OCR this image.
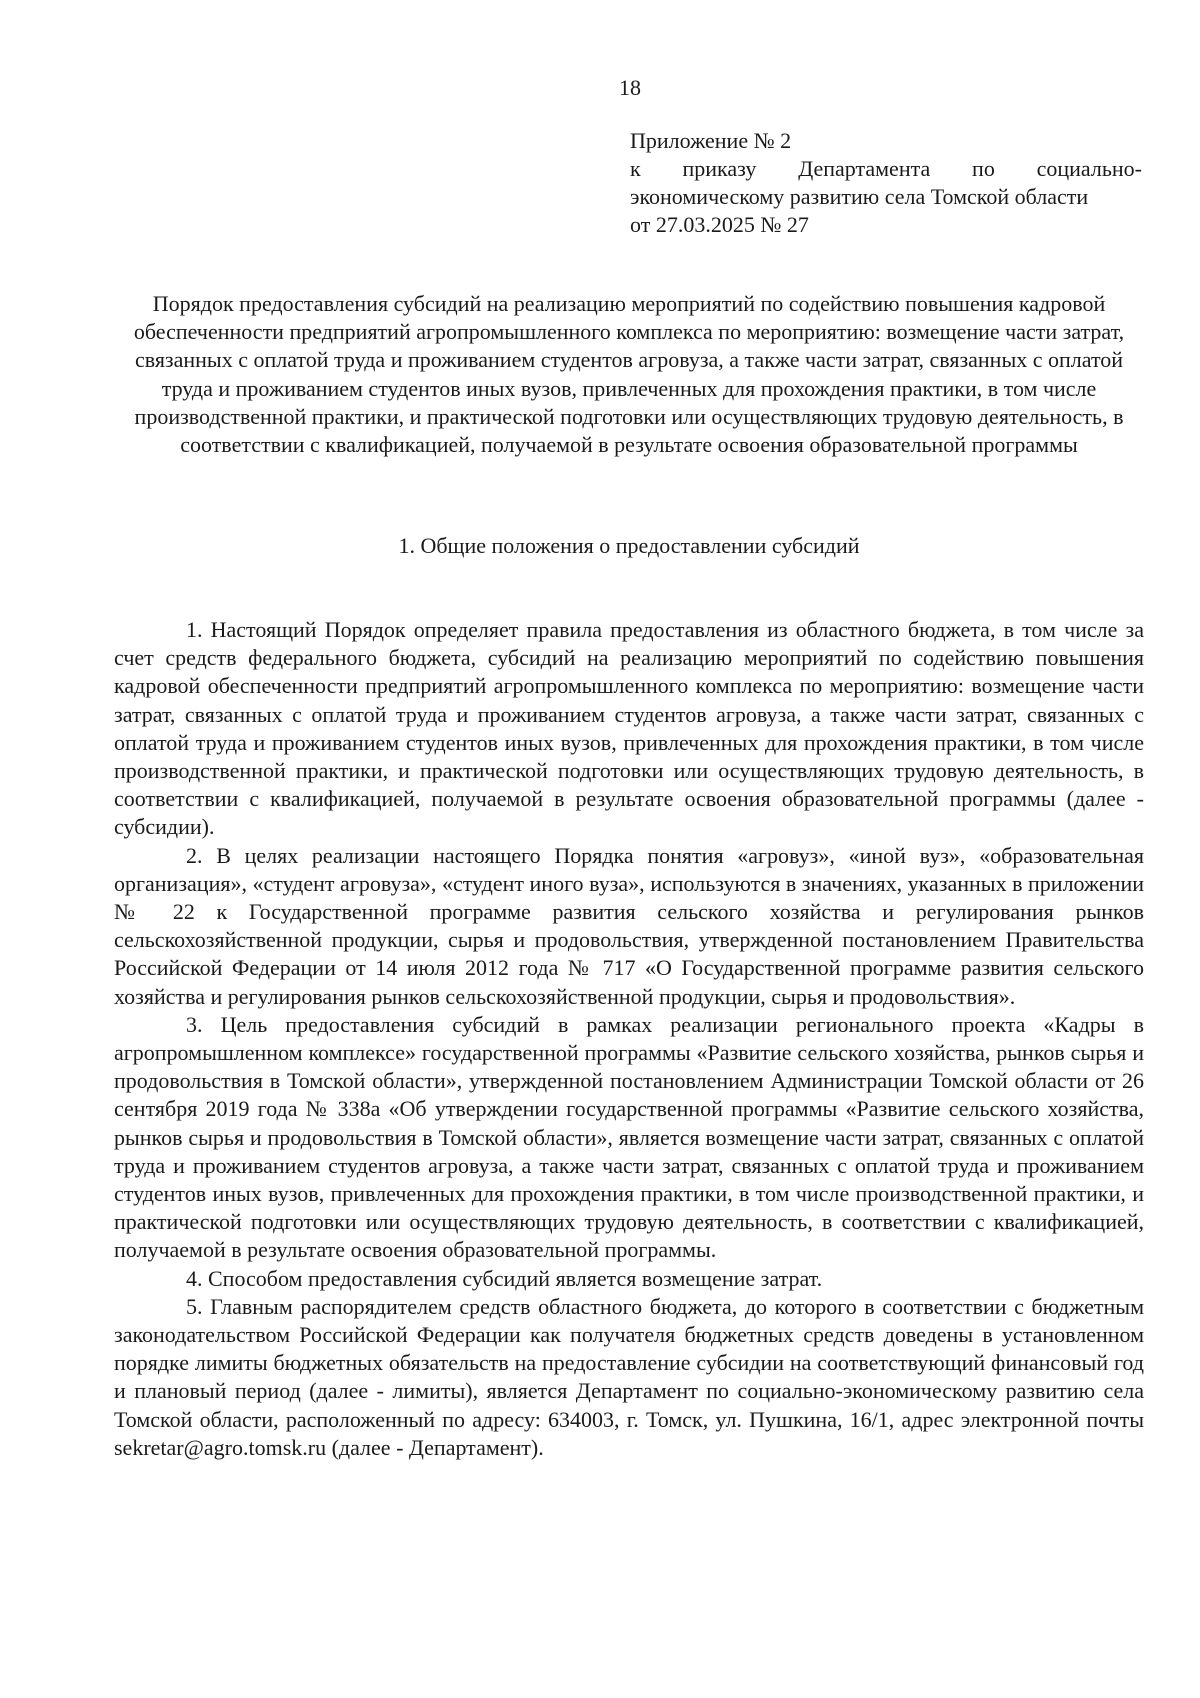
18
Приложение № 2
к приказу Департамента по социально-
экономическому развитию села Томской области
от 27.03.2025 № 27
Порядок предоставления субсидий на реализацию мероприятий по содействию повышения кадровой обеспеченности предприятий агропромышленного комплекса по мероприятию: возмещение части затрат, связанных с оплатой труда и проживанием студентов агровуза, а также части затрат, связанных с оплатой труда и проживанием студентов иных вузов, привлеченных для прохождения практики, в том числе производственной практики, и практической подготовки или осуществляющих трудовую деятельность, в соответствии с квалификацией, получаемой в результате освоения образовательной программы
1. Общие положения о предоставлении субсидий

1. Настоящий Порядок определяет правила предоставления из областного бюджета, в том числе за счет средств федерального бюджета, субсидий на реализацию мероприятий по содействию повышения кадровой обеспеченности предприятий агропромышленного комплекса по мероприятию: возмещение части затрат, связанных с оплатой труда и проживанием студентов агровуза, а также части затрат, связанных с оплатой труда и проживанием студентов иных вузов, привлеченных для прохождения практики, в том числе производственной практики, и практической подготовки или осуществляющих трудовую деятельность, в соответствии с квалификацией, получаемой в результате освоения образовательной программы (далее - субсидии).

2. В целях реализации настоящего Порядка понятия «агровуз», «иной вуз», «образовательная организация», «студент агровуза», «студент иного вуза», используются в значениях, указанных в приложении № 22 к Государственной программе развития сельского хозяйства и регулирования рынков сельскохозяйственной продукции, сырья и продовольствия, утвержденной постановлением Правительства Российской Федерации от 14 июля 2012 года № 717 «О Государственной программе развития сельского хозяйства и регулирования рынков сельскохозяйственной продукции, сырья и продовольствия».

3. Цель предоставления субсидий в рамках реализации регионального проекта «Кадры в агропромышленном комплексе» государственной программы «Развитие сельского хозяйства, рынков сырья и продовольствия в Томской области», утвержденной постановлением Администрации Томской области от 26 сентября 2019 года № 338а «Об утверждении государственной программы «Развитие сельского хозяйства, рынков сырья и продовольствия в Томской области», является возмещение части затрат, связанных с оплатой труда и проживанием студентов агровуза, а также части затрат, связанных с оплатой труда и проживанием студентов иных вузов, привлеченных для прохождения практики, в том числе производственной практики, и практической подготовки или осуществляющих трудовую деятельность, в соответствии с квалификацией, получаемой в результате освоения образовательной программы.

4. Способом предоставления субсидий является возмещение затрат.

5. Главным распорядителем средств областного бюджета, до которого в соответствии с бюджетным законодательством Российской Федерации как получателя бюджетных средств доведены в установленном порядке лимиты бюджетных обязательств на предоставление субсидии на соответствующий финансовый год и плановый период (далее - лимиты), является Департамент по социально-экономическому развитию села Томской области, расположенный по адресу: 634003, г. Томск, ул. Пушкина, 16/1, адрес электронной почты sekretar@agro.tomsk.ru (далее - Департамент).
